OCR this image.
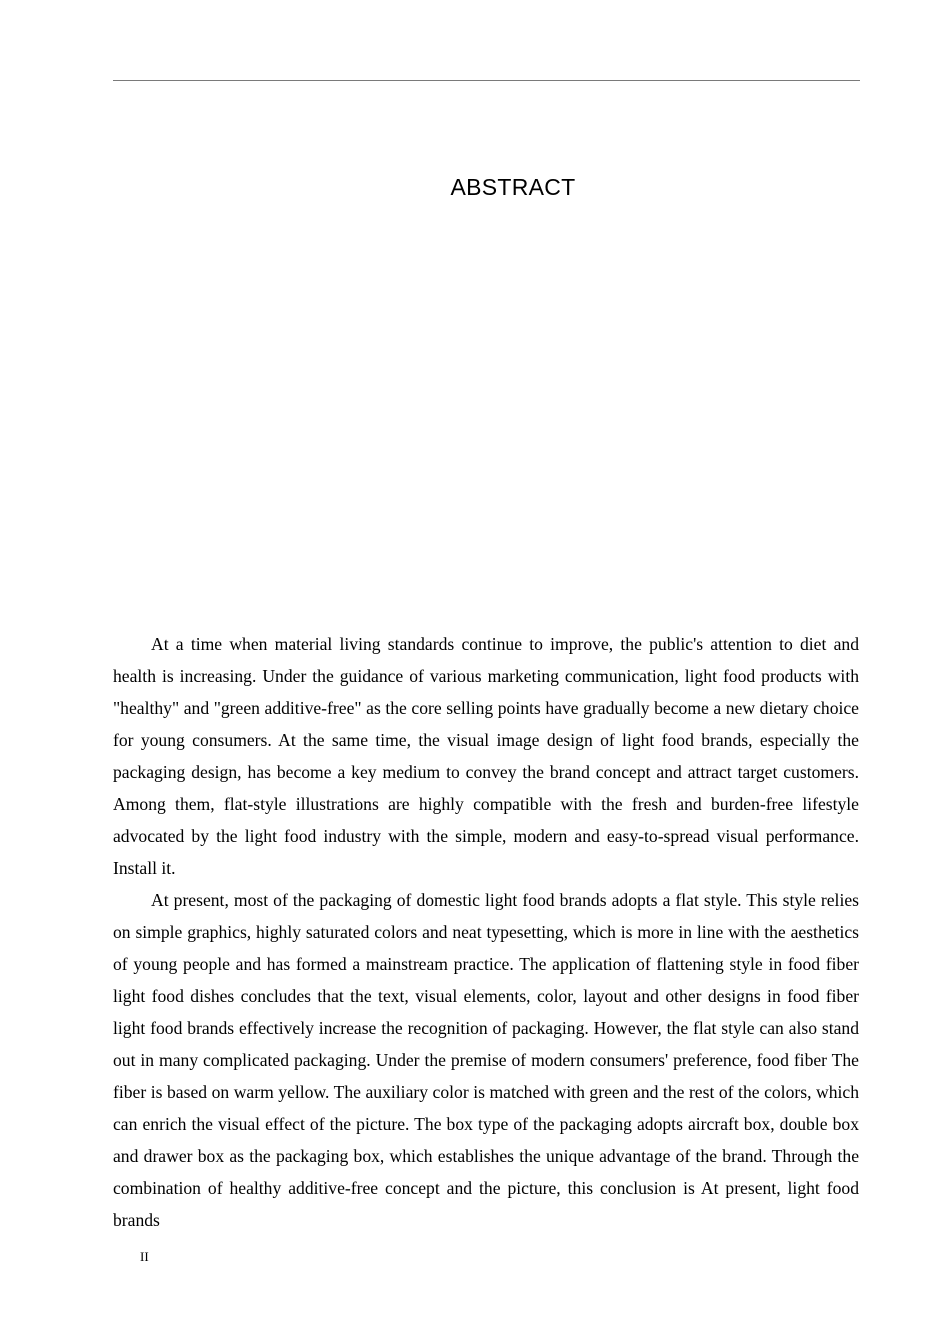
ABSTRACT

At a time when material living standards continue to improve, the public's attention to diet and health is increasing. Under the guidance of various marketing communication, light food products with "healthy" and "green additive-free" as the core selling points have gradually become a new dietary choice for young consumers. At the same time, the visual image design of light food brands, especially the packaging design, has become a key medium to convey the brand concept and attract target customers. Among them, flat-style illustrations are highly compatible with the fresh and burden-free lifestyle advocated by the light food industry with the simple, modern and easy-to-spread visual performance. Install it.

At present, most of the packaging of domestic light food brands adopts a flat style. This style relies on simple graphics, highly saturated colors and neat typesetting, which is more in line with the aesthetics of young people and has formed a mainstream practice. The application of flattening style in food fiber light food dishes concludes that the text, visual elements, color, layout and other designs in food fiber light food brands effectively increase the recognition of packaging. However, the flat style can also stand out in many complicated packaging. Under the premise of modern consumers' preference, food fiber The fiber is based on warm yellow. The auxiliary color is matched with green and the rest of the colors, which can enrich the visual effect of the picture. The box type of the packaging adopts aircraft box, double box and drawer box as the packaging box, which establishes the unique advantage of the brand. Through the combination of healthy additive-free concept and the picture, this conclusion is At present, light food brands

II
